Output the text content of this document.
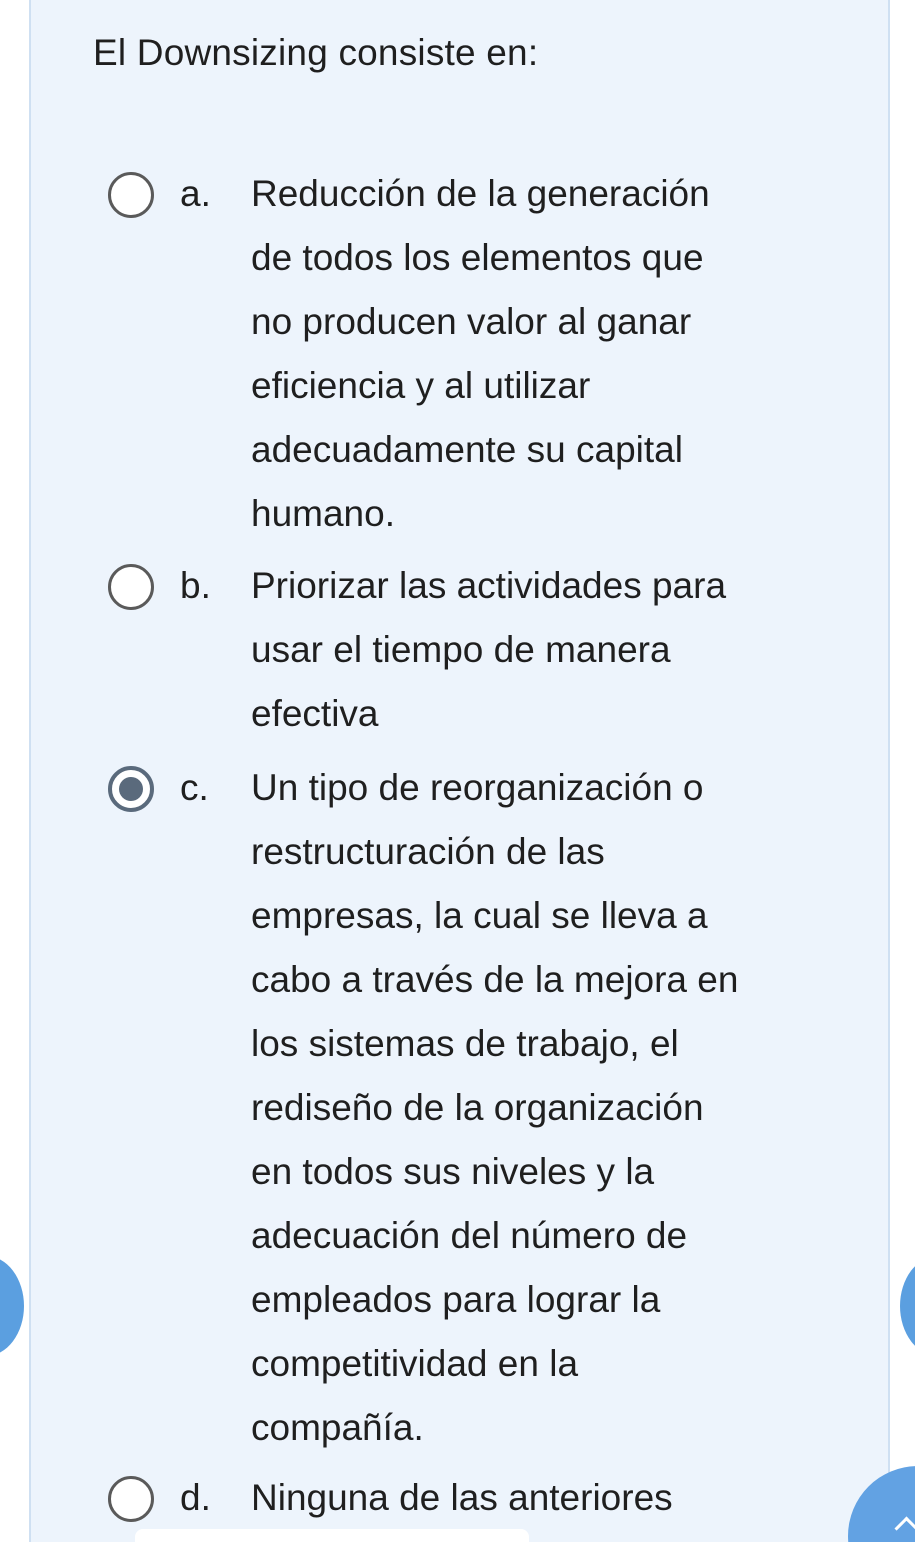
El Downsizing consiste en:
a. Reducción de la generación
de todos los elementos que
no producen valor al ganar
eficiencia y al utilizar
adecuadamente su capital
humano.
b. Priorizar las actividades para
usar el tiempo de manera
efectiva
c. Un tipo de reorganización o
restructuración de las
empresas, la cual se lleva a
cabo a través de la mejora en
los sistemas de trabajo, el
rediseño de la organización
en todos sus niveles y la
adecuación del número de
empleados para lograr la
competitividad en la
compañía.
d. Ninguna de las anteriores
